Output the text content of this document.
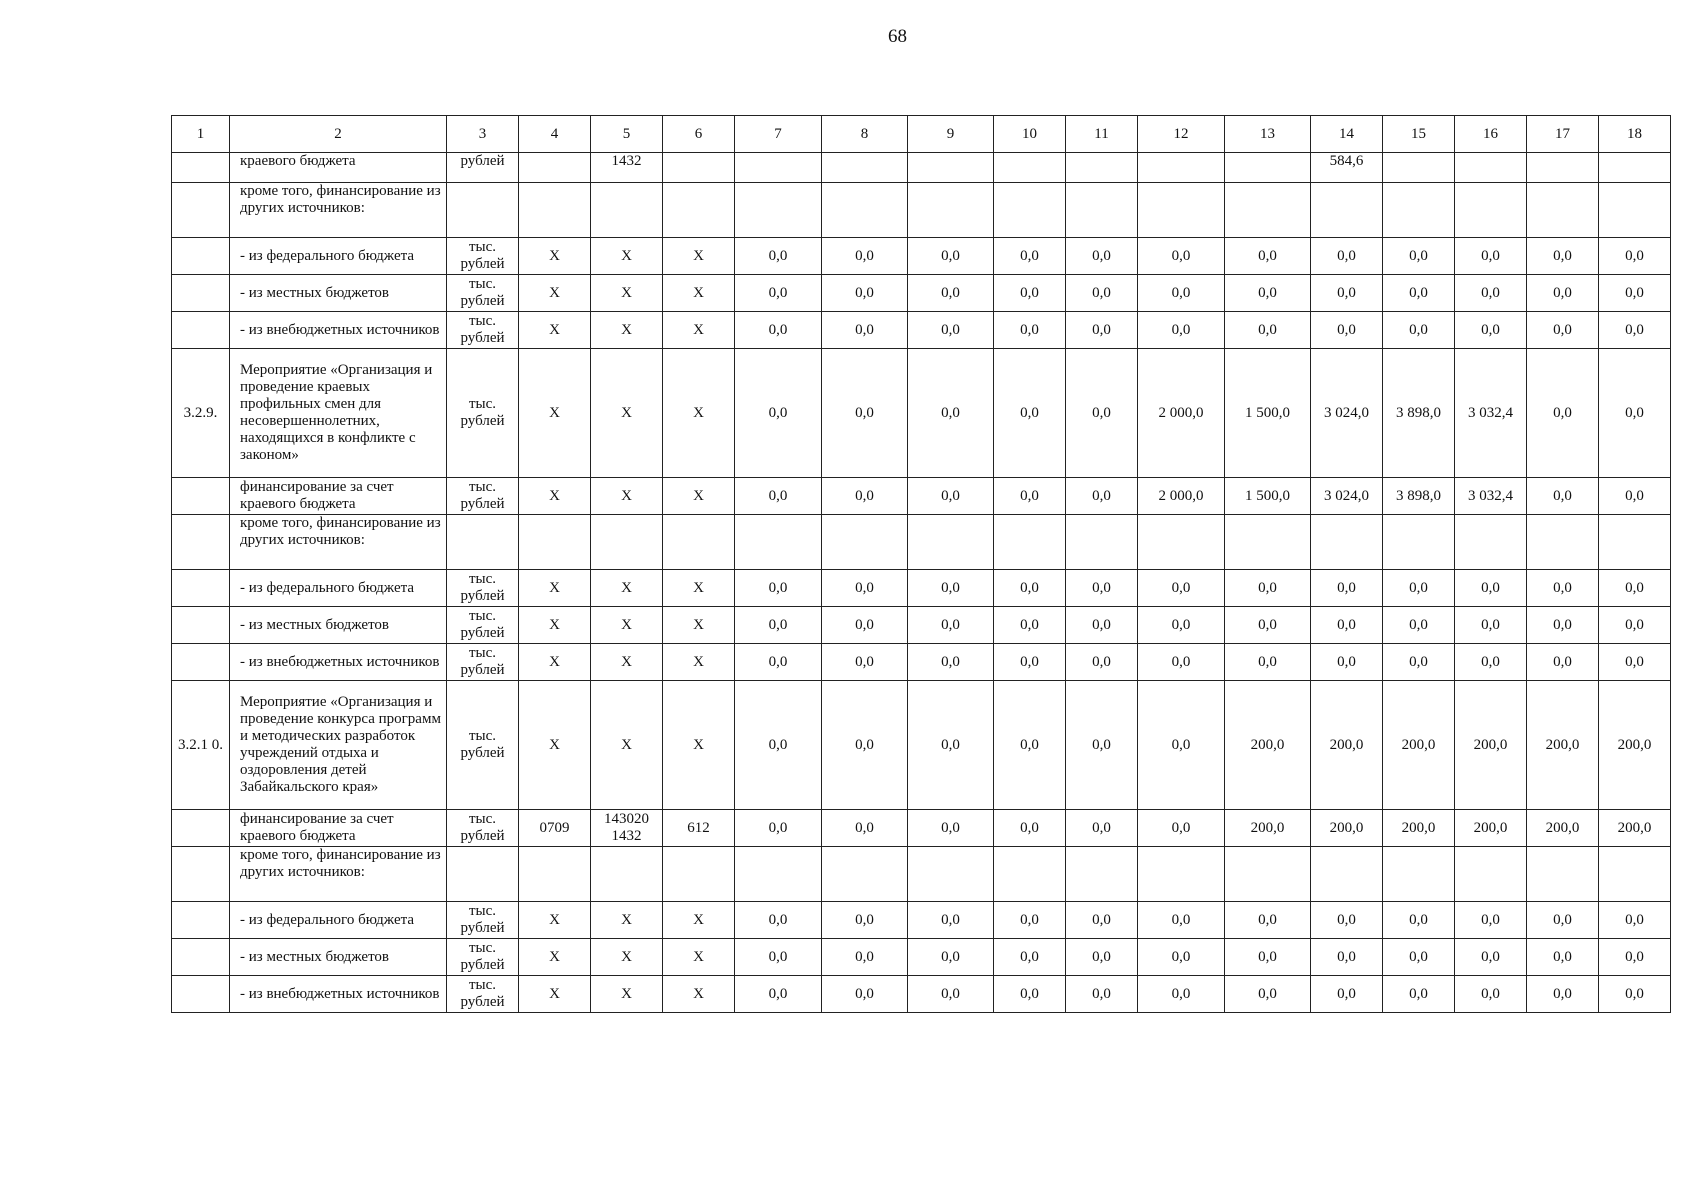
68
1	2	3	4	5	6	7	8	9	10	11	12	13	14	15	16	17	18
	краевого бюджета	рублей		1432									584,6				
	кроме того, финансирование из других источников:																
	- из федерального бюджета	тыс. рублей	X	X	X	0,0	0,0	0,0	0,0	0,0	0,0	0,0	0,0	0,0	0,0	0,0	0,0
	- из местных бюджетов	тыс. рублей	X	X	X	0,0	0,0	0,0	0,0	0,0	0,0	0,0	0,0	0,0	0,0	0,0	0,0
	- из внебюджетных источников	тыс. рублей	X	X	X	0,0	0,0	0,0	0,0	0,0	0,0	0,0	0,0	0,0	0,0	0,0	0,0
3.2.9.	Мероприятие «Организация и проведение краевых профильных смен для несовершеннолетних, находящихся в конфликте с законом»	тыс. рублей	X	X	X	0,0	0,0	0,0	0,0	0,0	2 000,0	1 500,0	3 024,0	3 898,0	3 032,4	0,0	0,0
	финансирование за счет краевого бюджета	тыс. рублей	X	X	X	0,0	0,0	0,0	0,0	0,0	2 000,0	1 500,0	3 024,0	3 898,0	3 032,4	0,0	0,0
	кроме того, финансирование из других источников:																
	- из федерального бюджета	тыс. рублей	X	X	X	0,0	0,0	0,0	0,0	0,0	0,0	0,0	0,0	0,0	0,0	0,0	0,0
	- из местных бюджетов	тыс. рублей	X	X	X	0,0	0,0	0,0	0,0	0,0	0,0	0,0	0,0	0,0	0,0	0,0	0,0
	- из внебюджетных источников	тыс. рублей	X	X	X	0,0	0,0	0,0	0,0	0,0	0,0	0,0	0,0	0,0	0,0	0,0	0,0
3.2.1 0.	Мероприятие «Организация и проведение конкурса программ и методических разработок учреждений отдыха и оздоровления детей Забайкальского края»	тыс. рублей	X	X	X	0,0	0,0	0,0	0,0	0,0	0,0	200,0	200,0	200,0	200,0	200,0	200,0
	финансирование за счет краевого бюджета	тыс. рублей	0709	143020 1432	612	0,0	0,0	0,0	0,0	0,0	0,0	200,0	200,0	200,0	200,0	200,0	200,0
	кроме того, финансирование из других источников:																
	- из федерального бюджета	тыс. рублей	X	X	X	0,0	0,0	0,0	0,0	0,0	0,0	0,0	0,0	0,0	0,0	0,0	0,0
	- из местных бюджетов	тыс. рублей	X	X	X	0,0	0,0	0,0	0,0	0,0	0,0	0,0	0,0	0,0	0,0	0,0	0,0
	- из внебюджетных источников	тыс. рублей	X	X	X	0,0	0,0	0,0	0,0	0,0	0,0	0,0	0,0	0,0	0,0	0,0	0,0
